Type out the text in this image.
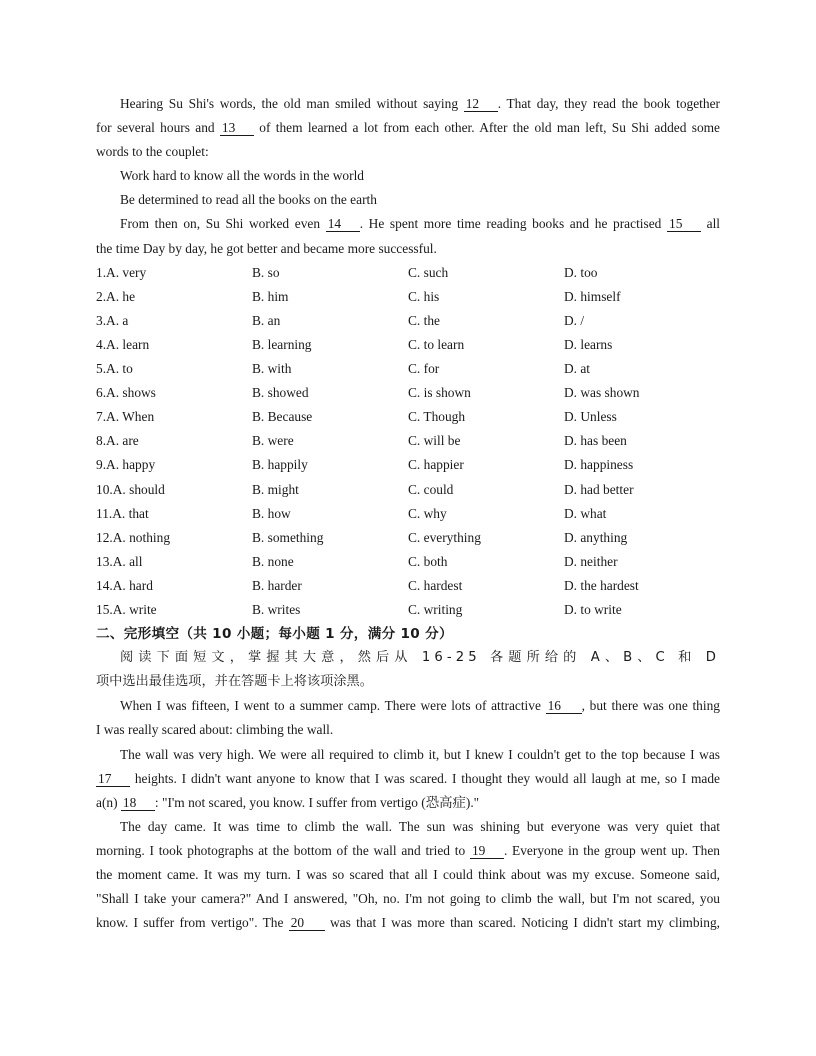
Hearing Su Shi's words, the old man smiled without saying 12 . That day, they read the book together
for several hours and 13 of them learned a lot from each other. After the old man left, Su Shi added some
words to the couplet:
Work hard to know all the words in the world
Be determined to read all the books on the earth
From then on, Su Shi worked even 14 . He spent more time reading books and he practised 15 all
the time Day by day, he got better and became more successful.
1.A. very	B. so	C. such	D. too
2.A. he	B. him	C. his	D. himself
3.A. a	B. an	C. the	D. /
4.A. learn	B. learning	C. to learn	D. learns
5.A. to	B. with	C. for	D. at
6.A. shows	B. showed	C. is shown	D. was shown
7.A. When	B. Because	C. Though	D. Unless
8.A. are	B. were	C. will be	D. has been
9.A. happy	B. happily	C. happier	D. happiness
10.A. should	B. might	C. could	D. had better
11.A. that	B. how	C. why	D. what
12.A. nothing	B. something	C. everything	D. anything
13.A. all	B. none	C. both	D. neither
14.A. hard	B. harder	C. hardest	D. the hardest
15.A. write	B. writes	C. writing	D. to write
二、完形填空（共 10 小题；每小题 1 分，满分 10 分）
阅读下面短文，掌握其大意，然后从 16-25 各题所给的 A、B、C 和 D
项中选出最佳选项，并在答题卡上将该项涂黑。
When I was fifteen, I went to a summer camp. There were lots of attractive 16 , but there was one thing
I was really scared about: climbing the wall.
The wall was very high. We were all required to climb it, but I knew I couldn't get to the top because I was
17 heights. I didn't want anyone to know that I was scared. I thought they would all laugh at me, so I made
a(n) 18 : "I'm not scared, you know. I suffer from vertigo (恐高症)."
The day came. It was time to climb the wall. The sun was shining but everyone was very quiet that
morning. I took photographs at the bottom of the wall and tried to 19 . Everyone in the group went up. Then
the moment came. It was my turn. I was so scared that all I could think about was my excuse. Someone said,
"Shall I take your camera?" And I answered, "Oh, no. I'm not going to climb the wall, but I'm not scared, you
know. I suffer from vertigo". The 20 was that I was more than scared. Noticing I didn't start my climbing,
